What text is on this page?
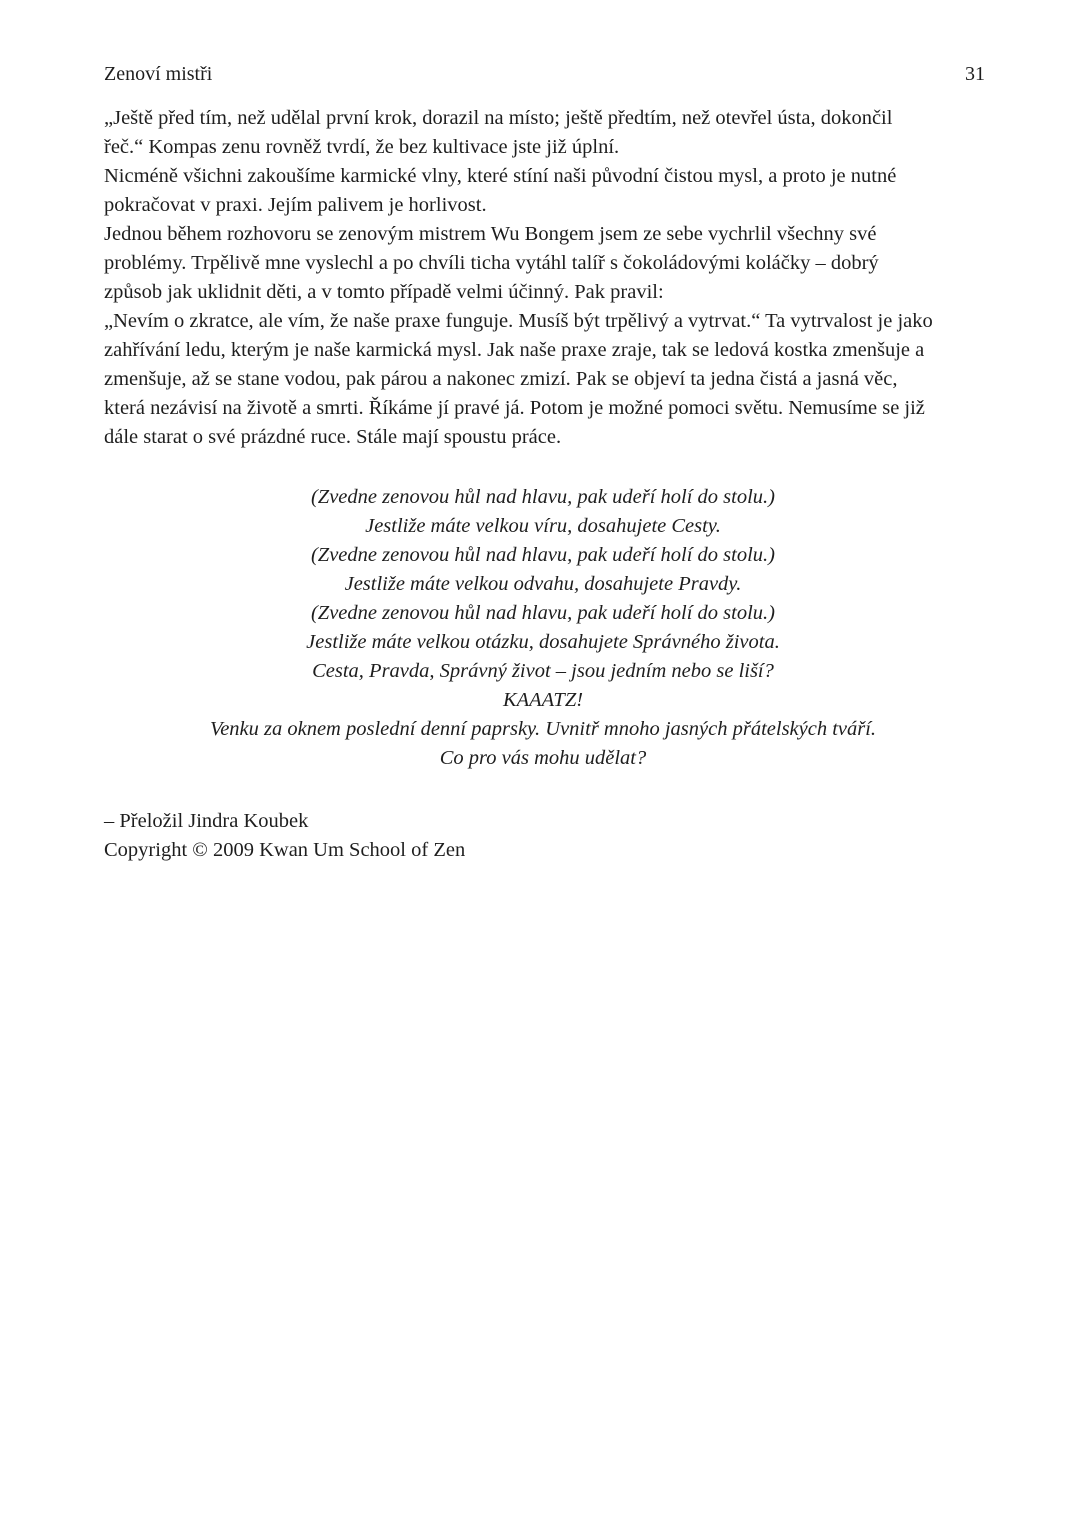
Zenoví mistři	31
„Ještě před tím, než udělal první krok, dorazil na místo; ještě předtím, než otevřel ústa, dokončil
řeč.“ Kompas zenu rovněž tvrdí, že bez kultivace jste již úplní.
Nicméně všichni zakoušíme karmické vlny, které stíní naši původní čistou mysl, a proto je nutné
pokračovat v praxi. Jejím palivem je horlivost.
Jednou během rozhovoru se zenovým mistrem Wu Bongem jsem ze sebe vychrlil všechny své
problémy. Trpělivě mne vyslechl a po chvíli ticha vytáhl talíř s čokoládovými koláčky – dobrý
způsob jak uklidnit děti, a v tomto případě velmi účinný. Pak pravil:
„Nevím o zkratce, ale vím, že naše praxe funguje. Musíš být trpělivý a vytrvat.“ Ta vytrvalost je jako
zahřívání ledu, kterým je naše karmická mysl. Jak naše praxe zraje, tak se ledová kostka zmenšuje a
zmenšuje, až se stane vodou, pak párou a nakonec zmizí. Pak se objeví ta jedna čistá a jasná věc,
která nezávisí na životě a smrti. Říkáme jí pravé já. Potom je možné pomoci světu. Nemusíme se již
dále starat o své prázdné ruce. Stále mají spoustu práce.
(Zvedne zenovou hůl nad hlavu, pak udeří holí do stolu.)
Jestliže máte velkou víru, dosahujete Cesty.
(Zvedne zenovou hůl nad hlavu, pak udeří holí do stolu.)
Jestliže máte velkou odvahu, dosahujete Pravdy.
(Zvedne zenovou hůl nad hlavu, pak udeří holí do stolu.)
Jestliže máte velkou otázku, dosahujete Správného života.
Cesta, Pravda, Správný život – jsou jedním nebo se liší?
KAAATZ!
Venku za oknem poslední denní paprsky. Uvnitř mnoho jasných přátelských tváří.
Co pro vás mohu udělat?
– Přeložil Jindra Koubek
Copyright © 2009 Kwan Um School of Zen
